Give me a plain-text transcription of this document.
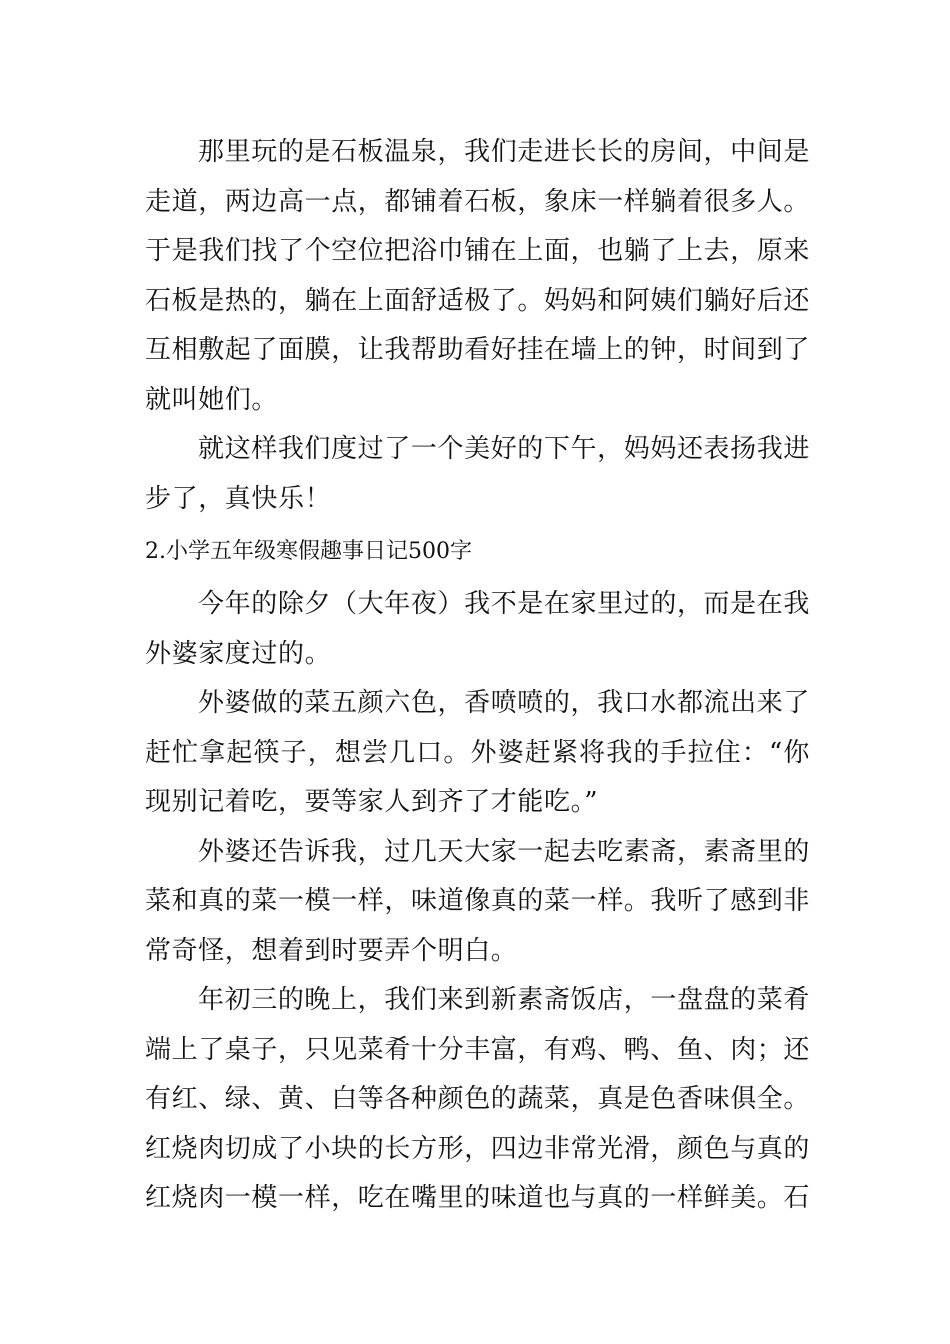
那里玩的是石板温泉，我们走进长长的房间，中间是走道，两边高一点，都铺着石板，象床一样躺着很多人。于是我们找了个空位把浴巾铺在上面，也躺了上去，原来石板是热的，躺在上面舒适极了。妈妈和阿姨们躺好后还互相敷起了面膜，让我帮助看好挂在墙上的钟，时间到了就叫她们。

就这样我们度过了一个美好的下午，妈妈还表扬我进步了，真快乐！

2.小学五年级寒假趣事日记500字

今年的除夕（大年夜）我不是在家里过的，而是在我外婆家度过的。

外婆做的菜五颜六色，香喷喷的，我口水都流出来了赶忙拿起筷子，想尝几口。外婆赶紧将我的手拉住：“你现别记着吃，要等家人到齐了才能吃。”

外婆还告诉我，过几天大家一起去吃素斋，素斋里的菜和真的菜一模一样，味道像真的菜一样。我听了感到非常奇怪，想着到时要弄个明白。

年初三的晚上，我们来到新素斋饭店，一盘盘的菜肴端上了桌子，只见菜肴十分丰富，有鸡、鸭、鱼、肉；还有红、绿、黄、白等各种颜色的蔬菜，真是色香味俱全。红烧肉切成了小块的长方形，四边非常光滑，颜色与真的红烧肉一模一样，吃在嘴里的味道也与真的一样鲜美。石
